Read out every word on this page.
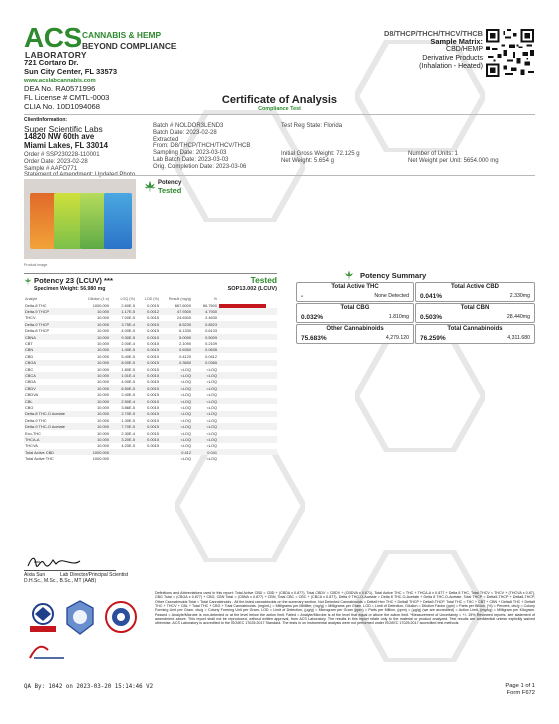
ACS
LABORATORY
CANNABIS & HEMP
BEYOND COMPLIANCE
721 Cortaro Dr.
Sun City Center, FL 33573
www.acslabcannabis.com
DEA No. RA0571996
FL License # CMTL-0003
CLIA No. 10D1094068
D8/THCP/THCH/THCV/THCB
Sample Matrix:
CBD/HEMP
Derivative Products
(Inhalation - Heated)
Certificate of Analysis
Compliance Test
ClientInformation:
Super Scientific Labs
14820 NW 60th ave
Miami Lakes, FL 33014
Order # SSP230228-110001
Order Date: 2023-02-28
Sample # AAFO771
Batch # NOLDOR3LEND3
Batch Date: 2023-02-28
Extracted
From: D8/THCP/THCH/THCV/THCB
Sampling Date: 2023-03-03
Lab Batch Date: 2023-03-03
Orig. Completion Date: 2023-03-06
Test Reg State: Florida
Initial Gross Weight: 72.125 g
Net Weight: 5.654 g
Number of Units: 1
Net Weight per Unit: 5654.000 mg
Potency
Tested
Product Image
Potency 23 (LCUV) ***
Specimen Weight: 56.980 mg
Tested
SOP13.002 (LCUV)
Analyte	Dilution (1:n)	LOQ (%)	LOD (%)	Result (mg/g)	%	
Delta-8 THC	1000.000	2.60E-5	0.0015	667.6000	66.7600	
Delta-9 THCP	10.000	1.17E-5	0.0012	47.9300	4.7930	
THCV	10.000	7.00E-5	0.0015	24.6300	2.4630	
Delta-9 THCP	10.000	3.75E-4	0.0015	8.5230	0.8523	
Delta-8 THCP	10.000	4.00E-5	0.0015	6.1330	0.6133	
CBNA	10.000	9.30E-5	0.0015	5.0090	0.5009	
CBT	10.000	2.00E-4	0.0015	2.1090	0.2109	
CBN	10.000	1.40E-5	0.0015	0.6350	0.0635	
CBD	10.000	5.40E-5	0.0015	0.4120	0.0412	
CBGA	10.000	8.00E-5	0.0015	0.3650	0.0365	
CBC	10.000	1.80E-5	0.0015	<LOQ	<LOQ	
CBCA	10.000	1.01E-4	0.0015	<LOQ	<LOQ	
CBDA	10.000	4.00E-5	0.0015	<LOQ	<LOQ	
CBDV	10.000	6.50E-5	0.0015	<LOQ	<LOQ	
CBDVA	10.000	2.40E-5	0.0015	<LOQ	<LOQ	
CBL	10.000	2.50E-4	0.0015	<LOQ	<LOQ	
CBG	10.000	3.86E-5	0.0015	<LOQ	<LOQ	
Delta-8 THC-O Acetate	10.000	2.70E-5	0.0015	<LOQ	<LOQ	
Delta-9 THC	10.000	1.30E-5	0.0015	<LOQ	<LOQ	
Delta-9 THC-O Acetate	10.000	7.70E-5	0.0015	<LOQ	<LOQ	
Exo-THC	10.000	2.30E-4	0.0015	<LOQ	<LOQ	
THCA-A	10.000	3.20E-5	0.0015	<LOQ	<LOQ	
THCVA	10.000	4.20E-5	0.0015	<LOQ	<LOQ	
Total Active CBD	1000.000			0.412	0.041	
Total Active THC	1000.000			<LOQ	<LOQ	
Potency Summary
Total Active THC
-	None Detected
Total Active CBD
0.041%	2.330mg
Total CBG
0.032%	1.810mg
Total CBN
0.503%	28.440mg
Other Cannabinoids
75.683%	4,279.120
Total Cannabinoids
76.259%	4,311.680
Aixia Sun
D.H.Sc., M.Sc., B.Sc., MT (AAB)
Lab Director/Principal Scientist
Definitions and Abbreviations used in this report: Total Active CBD = CBD + (CBDA x 0.877), Total CBDV = CBDV + (CBDVA x 0.871), Total Active THC = THC + THCA-A x 0.877 + Delta 8 THC, Total THCV = THCV + (THCVA x 0.87), CBG Total = (CBGA x 0.877) + CBG, CBN Total = (CBNA x 0.877) + CBN, Total CBC = CBC + (CBCA x 0.877), Delta 9 THC-O-Acetate = Delta 8 THC-O-Acetate + Delta 8 THC-O-Acetate, Total THCP = Delta9-THCP + Delta8-THCP, Other Cannabinoids Total = Total Cannabinoids - All the listed cannabinoids on the summary section. Not Detected Cannabinoids = Delta9 Hex THC + Delta8 THCP + Delta9-THCP. Total THC = THC + CBT + CBN + Delta8 THC + Delta9 THC + THCV + CBL + Total THC + CBG + Total Cannabinoids. (mg/mL) = Milligrams per Milliliter, (mg/g) = Milligrams per Gram, LOD = Limit of Detection, Dilution = Dilution Factor (ppb) = Parts per Billion, (%) = Percent, cfu/g = Colony Forming Unit per Gram, cfu/g = Colony Forming Unit per Gram, LOD = Limit of Detection, (µg/g) = Microgram per Gram (ppm) = Parts per Million, (ppm) = (µg/g) (we are accredited) = Action Limit, (mg/kg) = Milligram per Kilogram. Passed = Analyte/Microbe is non-detected or at the level below the action limit. Failed = Analyte/Microbe is at the level that equal or above the action limit. *Measurement of Uncertainty = +/- 15% Reviewed reports: see statement of amendment above. This report shall not be reproduced, without written approval, from ACS Laboratory. The results in this report relate only to the material or product analyzed. Test results are confidential unless explicitly waived otherwise. ACS Laboratory is accredited to the ISO/IEC 17025:2017 Standard. The tests in on instrumental analysis were not performed under ISO/IEC 17025:2017 accredited test methods.
QA By: 1042 on 2023-03-20 15:14:46 V2	Page 1 of 1
Form F672
